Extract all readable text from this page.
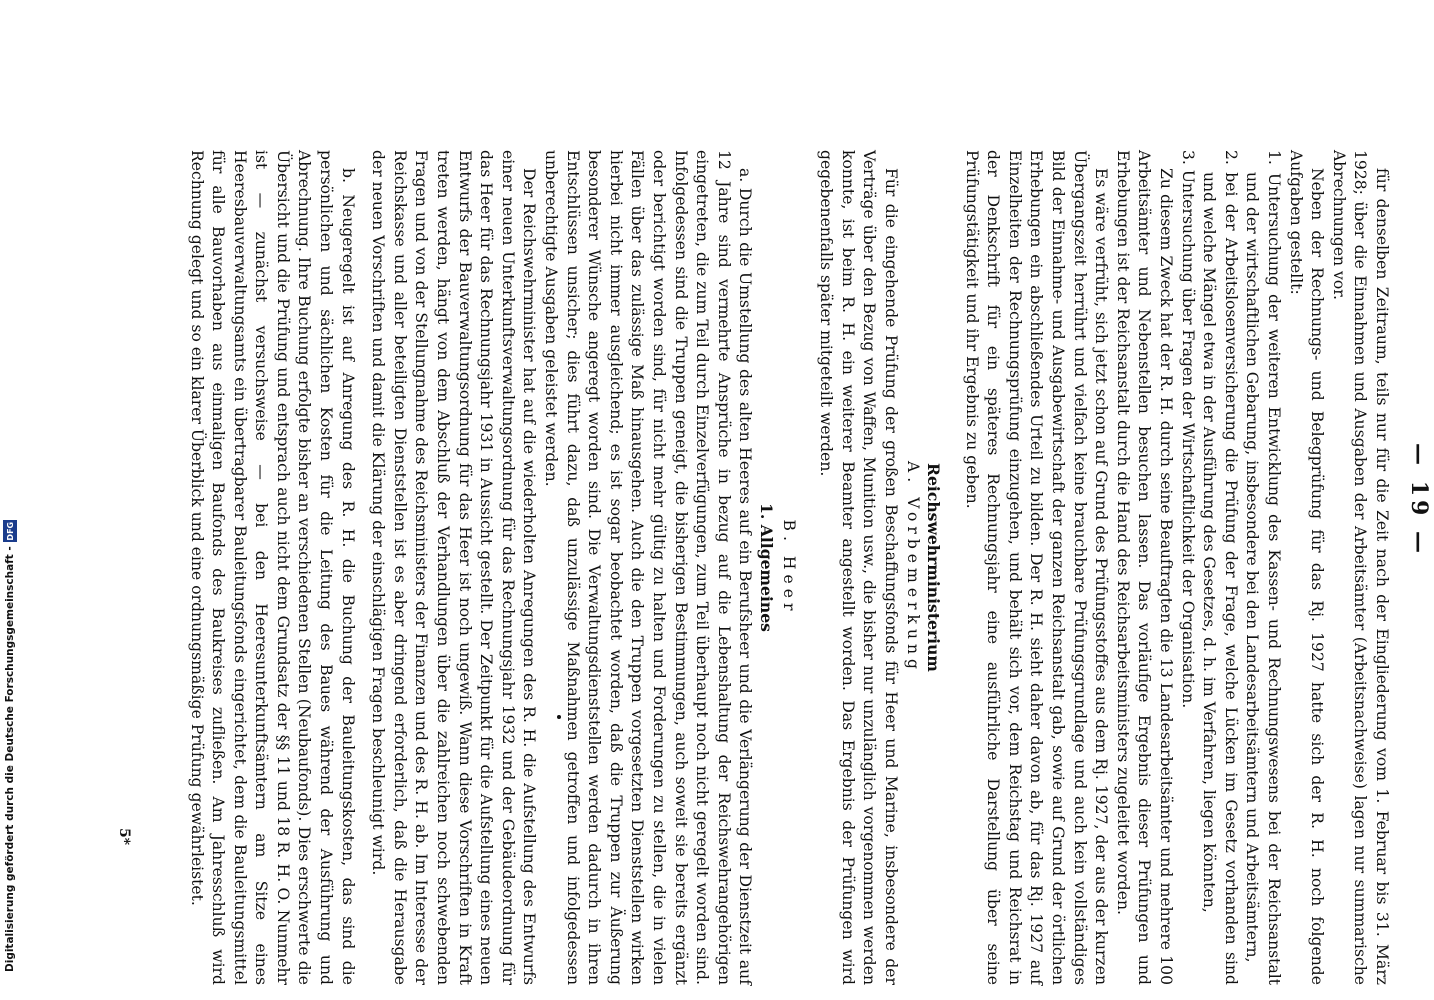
— 19 —

für denselben Zeitraum, teils nur für die Zeit nach der Eingliederung vom 1. Februar bis 31. März 1928; über die Einnahmen und Ausgaben der Arbeitsämter (Arbeitsnachweise) lagen nur summarische Abrechnungen vor.

Neben der Rechnungs- und Belegprüfung für das Rj. 1927 hatte sich der R. H. noch folgende Aufgaben gestellt:

1. Untersuchung der weiteren Entwicklung des Kassen- und Rechnungswesens bei der Reichsanstalt und der wirtschaftlichen Gebarung, insbesondere bei den Landesarbeitsämtern und Arbeitsämtern,

2. bei der Arbeitslosenversicherung die Prüfung der Frage, welche Lücken im Gesetz vorhanden sind und welche Mängel etwa in der Ausführung des Gesetzes, d. h. im Verfahren, liegen könnten,

3. Untersuchung über Fragen der Wirtschaftlichkeit der Organisation.

Zu diesem Zweck hat der R. H. durch seine Beauftragten die 13 Landesarbeitsämter und mehrere 100 Arbeitsämter und Nebenstellen besuchen lassen. Das vorläufige Ergebnis dieser Prüfungen und Erhebungen ist der Reichsanstalt durch die Hand des Reichsarbeitsministers zugeleitet worden.

Es wäre verfrüht, sich jetzt schon auf Grund des Prüfungsstoffes aus dem Rj. 1927, der aus der kurzen Übergangszeit herrührt und vielfach keine brauchbare Prüfungsgrundlage und auch kein vollständiges Bild der Einnahme- und Ausgabewirtschaft der ganzen Reichsanstalt gab, sowie auf Grund der örtlichen Erhebungen ein abschließendes Urteil zu bilden. Der R. H. sieht daher davon ab, für das Rj. 1927 auf Einzelheiten der Rechnungsprüfung einzugehen, und behält sich vor, dem Reichstag und Reichsrat in der Denkschrift für ein späteres Rechnungsjahr eine ausführliche Darstellung über seine Prüfungstätigkeit und ihr Ergebnis zu geben.

Reichswehrministerium

A. Vorbemerkung

Für die eingehende Prüfung der großen Beschaffungsfonds für Heer und Marine, insbesondere der Verträge über den Bezug von Waffen, Munition usw., die bisher nur unzulänglich vorgenommen werden konnte, ist beim R. H. ein weiterer Beamter angestellt worden. Das Ergebnis der Prüfungen wird gegebenenfalls später mitgeteilt werden.

B. Heer

1. Allgemeines

a. Durch die Umstellung des alten Heeres auf ein Berufsheer und die Verlängerung der Dienstzeit auf 12 Jahre sind vermehrte Ansprüche in bezug auf die Lebenshaltung der Reichswehrangehörigen eingetreten, die zum Teil durch Einzelverfügungen, zum Teil überhaupt noch nicht geregelt worden sind. Infolgedessen sind die Truppen geneigt, die bisherigen Bestimmungen, auch soweit sie bereits ergänzt oder berichtigt worden sind, für nicht mehr gültig zu halten und Forderungen zu stellen, die in vielen Fällen über das zulässige Maß hinausgehen. Auch die den Truppen vorgesetzten Dienststellen wirken hierbei nicht immer ausgleichend; es ist sogar beobachtet worden, daß die Truppen zur Äußerung besonderer Wünsche angeregt worden sind. Die Verwaltungsdienststellen werden dadurch in ihren Entschlüssen unsicher; dies führt dazu, daß unzulässige Maßnahmen getroffen und infolgedessen unberechtigte Ausgaben geleistet werden.

Der Reichswehrminister hat auf die wiederholten Anregungen des R. H. die Aufstellung des Entwurfs einer neuen Unterkunftsverwaltungsordnung für das Rechnungsjahr 1932 und der Gebäudeordnung für das Heer für das Rechnungsjahr 1931 in Aussicht gestellt. Der Zeitpunkt für die Aufstellung eines neuen Entwurfs der Bauverwaltungsordnung für das Heer ist noch ungewiß. Wann diese Vorschriften in Kraft treten werden, hängt von dem Abschluß der Verhandlungen über die zahlreichen noch schwebenden Fragen und von der Stellungnahme des Reichsministers der Finanzen und des R. H. ab. Im Interesse der Reichskasse und aller beteiligten Dienststellen ist es aber dringend erforderlich, daß die Herausgabe der neuen Vorschriften und damit die Klärung der einschlägigen Fragen beschleunigt wird.

b. Neugeregelt ist auf Anregung des R. H. die Buchung der Bauleitungskosten, das sind die persönlichen und sächlichen Kosten für die Leitung des Baues während der Ausführung und Abrechnung. Ihre Buchung erfolgte bisher an verschiedenen Stellen (Neubaufonds). Dies erschwerte die Übersicht und die Prüfung und entsprach auch nicht dem Grundsatz der §§ 11 und 18 R. H. O. Nunmehr ist — zunächst versuchsweise — bei den Heeresunterkunftsämtern am Sitze eines Heeresbauverwaltungsamts ein übertragbarer Bauleitungsfonds eingerichtet, dem die Bauleitungsmittel für alle Bauvorhaben aus einmaligen Baufonds des Baukreises zufließen. Am Jahresschluß wird Rechnung gelegt und so ein klarer Überblick und eine ordnungsmäßige Prüfung gewährleistet.

5*
Digitalisierung gefördert durch die Deutsche Forschungsgemeinschaft -
DFG
